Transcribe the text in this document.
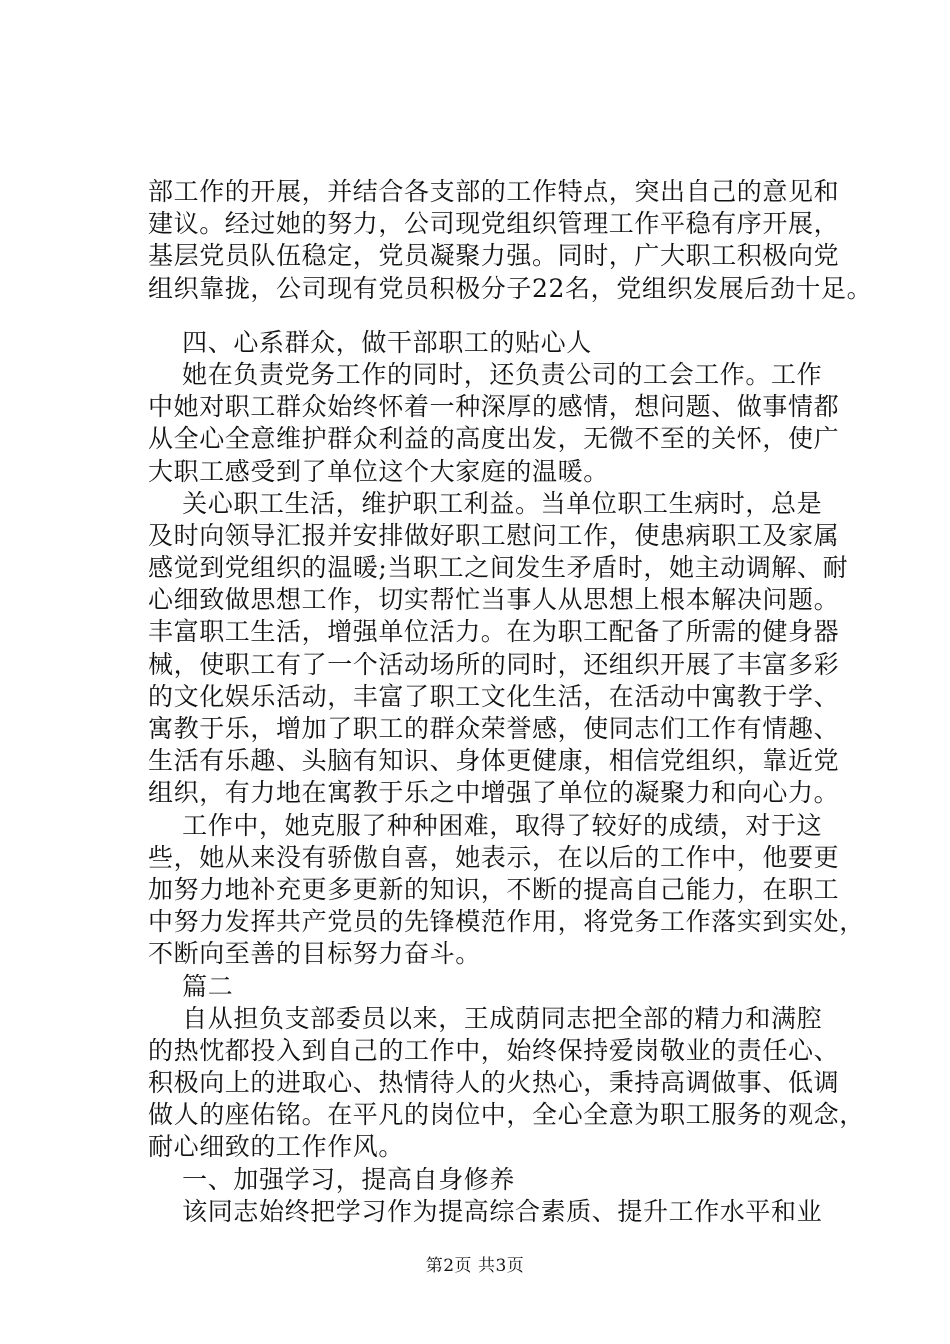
部工作的开展，并结合各支部的工作特点，突出自己的意见和
建议。经过她的努力，公司现党组织管理工作平稳有序开展，
基层党员队伍稳定，党员凝聚力强。同时，广大职工积极向党
组织靠拢，公司现有党员积极分子22名，党组织发展后劲十足。
四、心系群众，做干部职工的贴心人
她在负责党务工作的同时，还负责公司的工会工作。工作
中她对职工群众始终怀着一种深厚的感情，想问题、做事情都
从全心全意维护群众利益的高度出发，无微不至的关怀，使广
大职工感受到了单位这个大家庭的温暖。
关心职工生活，维护职工利益。当单位职工生病时，总是
及时向领导汇报并安排做好职工慰问工作，使患病职工及家属
感觉到党组织的温暖;当职工之间发生矛盾时，她主动调解、耐
心细致做思想工作，切实帮忙当事人从思想上根本解决问题。
丰富职工生活，增强单位活力。在为职工配备了所需的健身器
械，使职工有了一个活动场所的同时，还组织开展了丰富多彩
的文化娱乐活动，丰富了职工文化生活，在活动中寓教于学、
寓教于乐，增加了职工的群众荣誉感，使同志们工作有情趣、
生活有乐趣、头脑有知识、身体更健康，相信党组织，靠近党
组织，有力地在寓教于乐之中增强了单位的凝聚力和向心力。
工作中，她克服了种种困难，取得了较好的成绩，对于这
些，她从来没有骄傲自喜，她表示，在以后的工作中，他要更
加努力地补充更多更新的知识，不断的提高自己能力，在职工
中努力发挥共产党员的先锋模范作用，将党务工作落实到实处，
不断向至善的目标努力奋斗。
篇二
自从担负支部委员以来，王成荫同志把全部的精力和满腔
的热忱都投入到自己的工作中，始终保持爱岗敬业的责任心、
积极向上的进取心、热情待人的火热心，秉持高调做事、低调
做人的座佑铭。在平凡的岗位中，全心全意为职工服务的观念，
耐心细致的工作作风。
一、加强学习，提高自身修养
该同志始终把学习作为提高综合素质、提升工作水平和业
第2页 共3页
